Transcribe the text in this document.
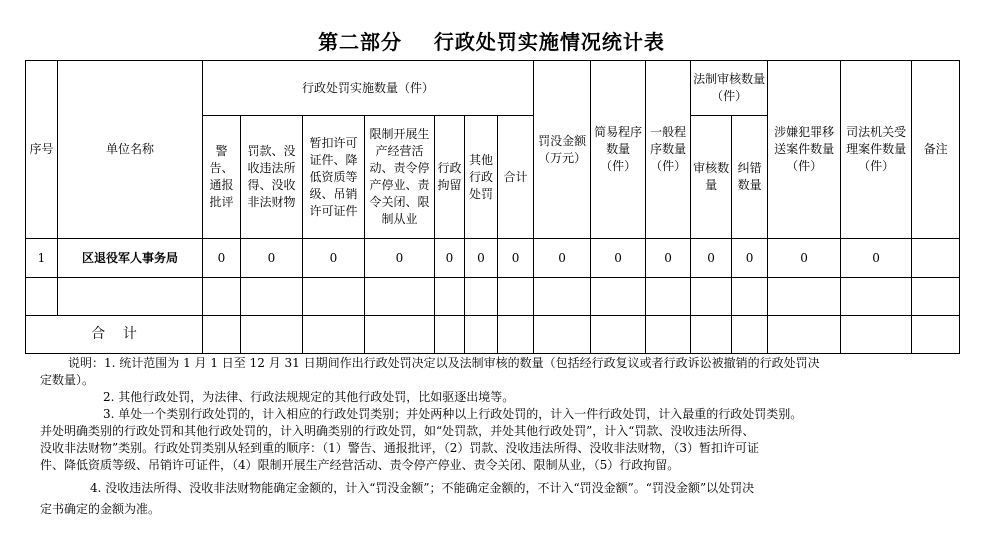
第二部分    行政处罚实施情况统计表
序号	单位名称	行政处罚实施数量（件）							罚没金额（万元）	简易程序数量（件）	一般程序数量（件）	法制审核数量（件）		涉嫌犯罪移送案件数量（件）	司法机关受理案件数量（件）	备注
		警告、通报批评	罚款、没收违法所得、没收非法财物	暂扣许可证件、降低资质等级、吊销许可证件	限制开展生产经营活动、责令停产停业、责令关闭、限制从业	行政拘留	其他行政处罚	合计				审核数量	纠错数量			
1	区退役军人事务局	0	0	0	0	0	0	0	0	0	0	0	0	0	0	

合    计																

说明：1. 统计范围为 1 月 1 日至 12 月 31 日期间作出行政处罚决定以及法制审核的数量（包括经行政复议或者行政诉讼被撤销的行政处罚决

定数量）。

2. 其他行政处罚，为法律、行政法规规定的其他行政处罚，比如驱逐出境等。

3. 单处一个类别行政处罚的，计入相应的行政处罚类别；并处两种以上行政处罚的，计入一件行政处罚，计入最重的行政处罚类别。

并处明确类别的行政处罚和其他行政处罚的，计入明确类别的行政处罚，如“处罚款，并处其他行政处罚”，计入“罚款、没收违法所得、

没收非法财物”类别。行政处罚类别从轻到重的顺序：（1）警告、通报批评，（2）罚款、没收违法所得、没收非法财物，（3）暂扣许可证

件、降低资质等级、吊销许可证件，（4）限制开展生产经营活动、责令停产停业、责令关闭、限制从业，（5）行政拘留。

4. 没收违法所得、没收非法财物能确定金额的，计入“罚没金额”；不能确定金额的，不计入“罚没金额”。“罚没金额”以处罚决

定书确定的金额为准。
